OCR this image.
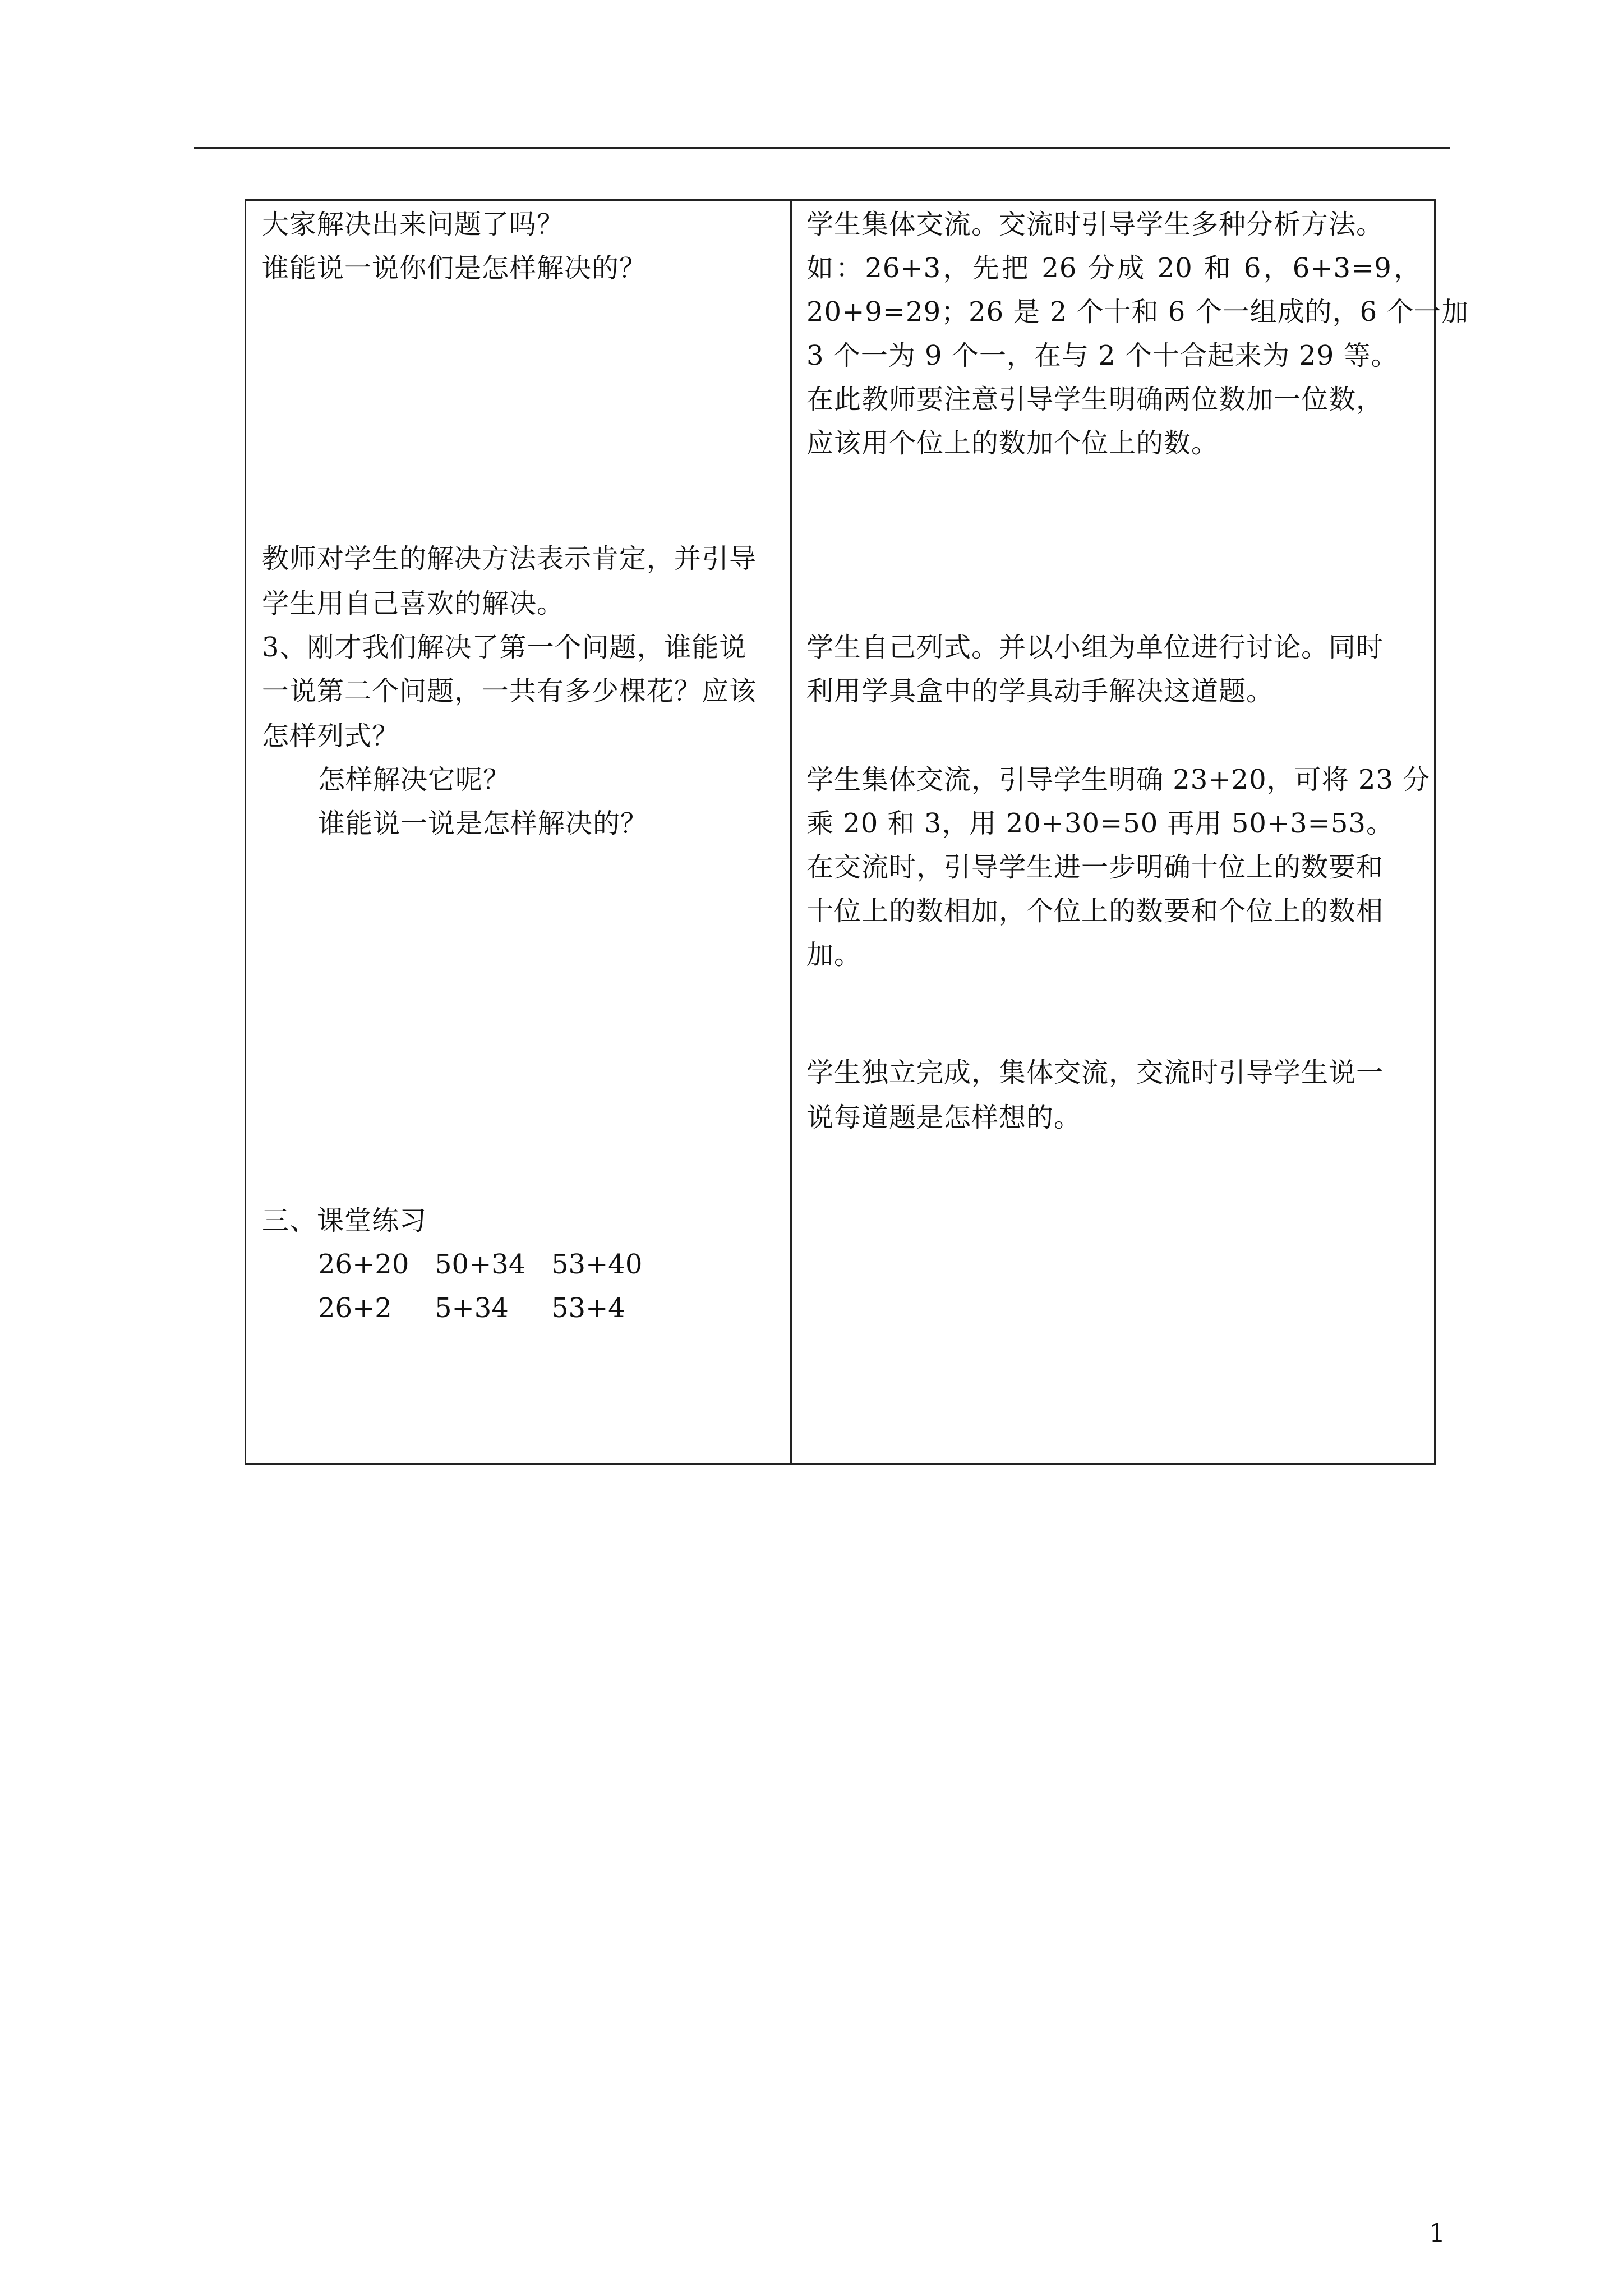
大家解决出来问题了吗？
谁能说一说你们是怎样解决的？
教师对学生的解决方法表示肯定，并引导
学生用自己喜欢的解决。
3、刚才我们解决了第一个问题，谁能说
一说第二个问题，一共有多少棵花？应该
怎样列式？
怎样解决它呢？
谁能说一说是怎样解决的？
三、课堂练习
26+20 50+34 53+40
26+2 5+34 53+4
学生集体交流。交流时引导学生多种分析方法。
如：26+3，先把 26 分成 20 和 6，6+3=9，
20+9=29；26 是 2 个十和 6 个一组成的，6 个一加
3 个一为 9 个一，在与 2 个十合起来为 29 等。
在此教师要注意引导学生明确两位数加一位数，
应该用个位上的数加个位上的数。
学生自己列式。并以小组为单位进行讨论。同时
利用学具盒中的学具动手解决这道题。
学生集体交流，引导学生明确 23+20，可将 23 分
乘 20 和 3，用 20+30=50 再用 50+3=53。
在交流时，引导学生进一步明确十位上的数要和
十位上的数相加，个位上的数要和个位上的数相
加。
学生独立完成，集体交流，交流时引导学生说一
说每道题是怎样想的。
1
